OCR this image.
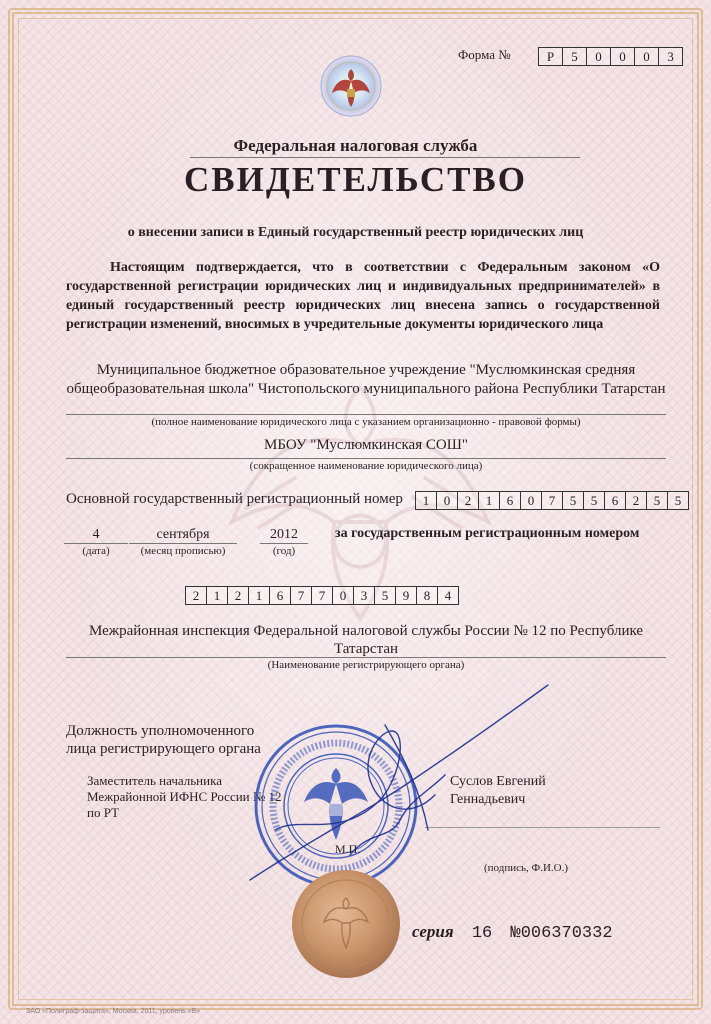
Форма №	Р	5	0	0	0	3
Федеральная налоговая служба
СВИДЕТЕЛЬСТВО
о внесении записи в Единый государственный реестр юридических лиц
Настоящим подтверждается, что в соответствии с Федеральным законом «О государственной регистрации юридических лиц и индивидуальных предпринимателей» в единый государственный реестр юридических лиц внесена запись о государственной регистрации изменений, вносимых в учредительные документы юридического лица
Муниципальное бюджетное образовательное учреждение "Муслюмкинская средняя общеобразовательная школа" Чистопольского муниципального района Республики Татарстан
(полное наименование юридического лица с указанием организационно - правовой формы)
МБОУ "Муслюмкинская СОШ"
(сокращенное наименование юридического лица)
Основной государственный регистрационный номер	1	0	2	1	6	0	7	5	5	6	2	5	5
4
(дата)
сентября
(месяц прописью)
2012
(год)
за государственным регистрационным номером
2	1	2	1	6	7	7	0	3	5	9	8	4
Межрайонная инспекция Федеральной налоговой службы России № 12 по Республике Татарстан
(Наименование регистрирующего органа)
Должность уполномоченного
лица регистрирующего органа
Заместитель начальника
Межрайонной ИФНС России № 12
по РТ
Суслов Евгений
Геннадьевич
(подпись, Ф.И.О.)
М.П.
серия 16 №006370332
ЗАО «Полиграф-защита», Москва, 2011, уровень «В»
